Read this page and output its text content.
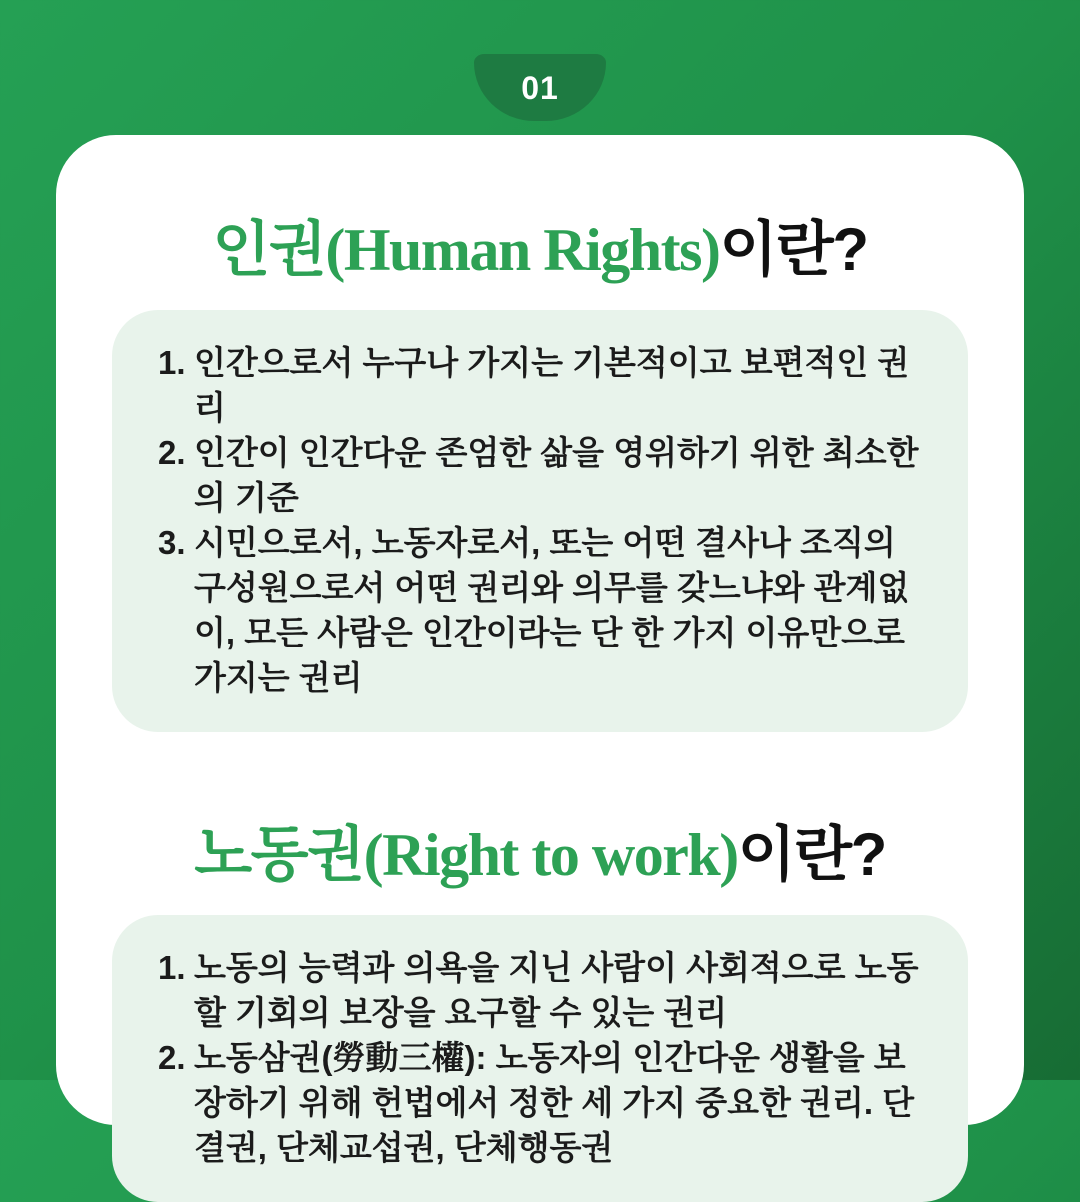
01
인권(Human Rights)이란?
1. 인간으로서 누구나 가지는 기본적이고 보편적인 권리
2. 인간이 인간다운 존엄한 삶을 영위하기 위한 최소한의 기준
3. 시민으로서, 노동자로서, 또는 어떤 결사나 조직의 구성원으로서 어떤 권리와 의무를 갖느냐와 관계없이, 모든 사람은 인간이라는 단 한 가지 이유만으로 가지는 권리
노동권(Right to work)이란?
1. 노동의 능력과 의욕을 지닌 사람이 사회적으로 노동할 기회의 보장을 요구할 수 있는 권리
2. 노동삼권(勞動三權): 노동자의 인간다운 생활을 보장하기 위해 헌법에서 정한 세 가지 중요한 권리. 단결권, 단체교섭권, 단체행동권
